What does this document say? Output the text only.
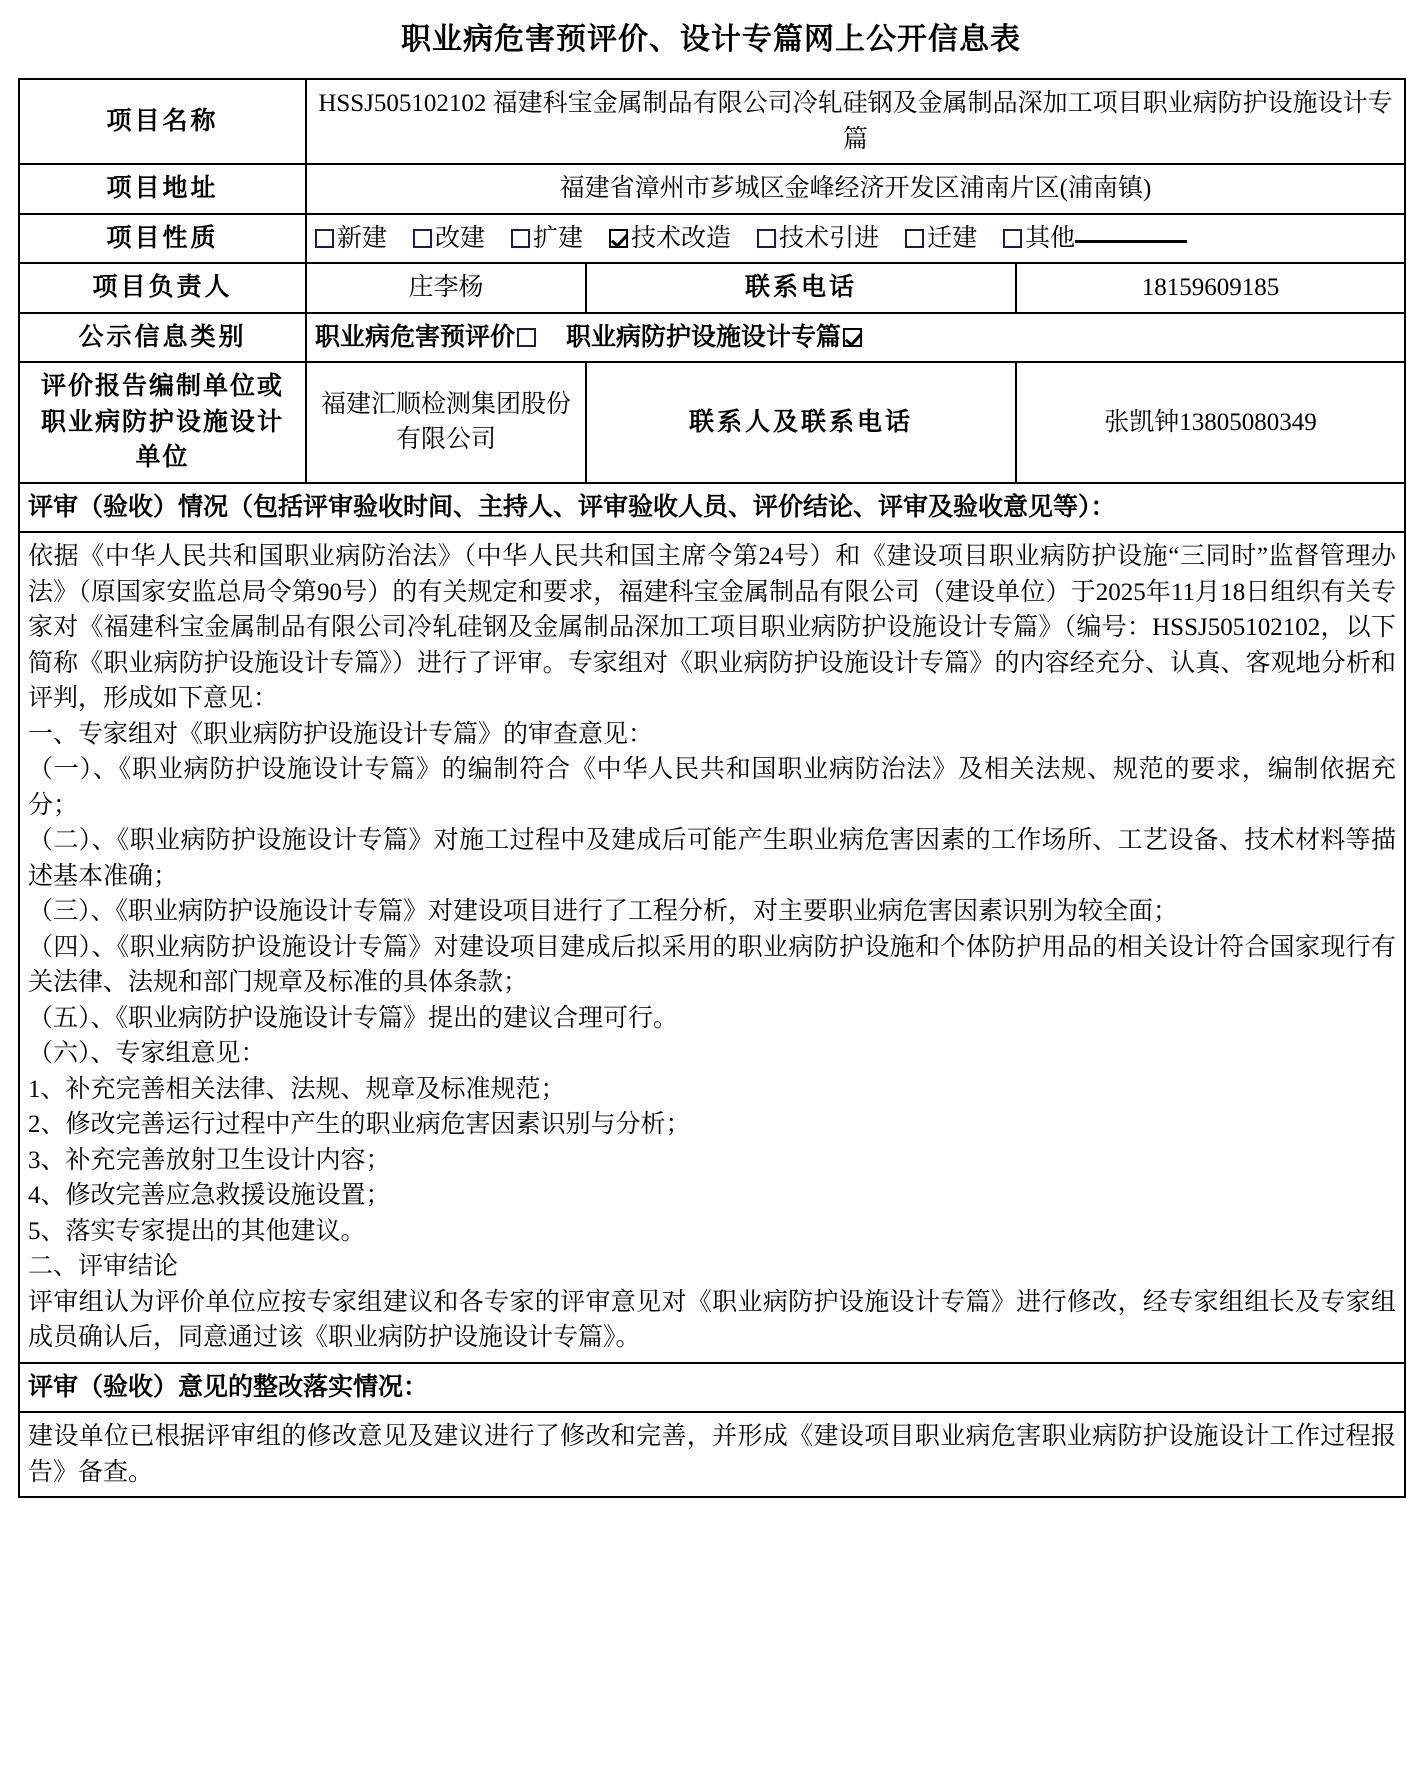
职业病危害预评价、设计专篇网上公开信息表
项目名称	HSSJ505102102 福建科宝金属制品有限公司冷轧硅钢及金属制品深加工项目职业病防护设施设计专篇		
项目地址	福建省漳州市芗城区金峰经济开发区浦南片区(浦南镇)		
项目性质	新建 改建 扩建 技术改造 技术引进 迁建 其他		
项目负责人	庄李杨	联系电话	18159609185
公示信息类别	职业病危害预评价 职业病防护设施设计专篇		
评价报告编制单位或职业病防护设施设计单位	福建汇顺检测集团股份有限公司	联系人及联系电话	张凯钟13805080349
评审（验收）情况（包括评审验收时间、主持人、评审验收人员、评价结论、评审及验收意见等）：			

依据《中华人民共和国职业病防治法》（中华人民共和国主席令第24号）和《建设项目职业病防护设施“三同时”监督管理办法》（原国家安监总局令第90号）的有关规定和要求，福建科宝金属制品有限公司（建设单位）于2025年11月18日组织有关专家对《福建科宝金属制品有限公司冷轧硅钢及金属制品深加工项目职业病防护设施设计专篇》（编号：HSSJ505102102，以下简称《职业病防护设施设计专篇》）进行了评审。专家组对《职业病防护设施设计专篇》的内容经充分、认真、客观地分析和评判，形成如下意见：

一、专家组对《职业病防护设施设计专篇》的审查意见：

（一）、《职业病防护设施设计专篇》的编制符合《中华人民共和国职业病防治法》及相关法规、规范的要求，编制依据充分；

（二）、《职业病防护设施设计专篇》对施工过程中及建成后可能产生职业病危害因素的工作场所、工艺设备、技术材料等描述基本准确；

（三）、《职业病防护设施设计专篇》对建设项目进行了工程分析，对主要职业病危害因素识别为较全面；

（四）、《职业病防护设施设计专篇》对建设项目建成后拟采用的职业病防护设施和个体防护用品的相关设计符合国家现行有关法律、法规和部门规章及标准的具体条款；

（五）、《职业病防护设施设计专篇》提出的建议合理可行。

（六）、专家组意见：

1、补充完善相关法律、法规、规章及标准规范；

2、修改完善运行过程中产生的职业病危害因素识别与分析；

3、补充完善放射卫生设计内容；

4、修改完善应急救援设施设置；

5、落实专家提出的其他建议。

二、评审结论

评审组认为评价单位应按专家组建议和各专家的评审意见对《职业病防护设施设计专篇》进行修改，经专家组组长及专家组成员确认后，同意通过该《职业病防护设施设计专篇》。

评审（验收）意见的整改落实情况：			
建设单位已根据评审组的修改意见及建议进行了修改和完善，并形成《建设项目职业病危害职业病防护设施设计工作过程报告》备查。			
